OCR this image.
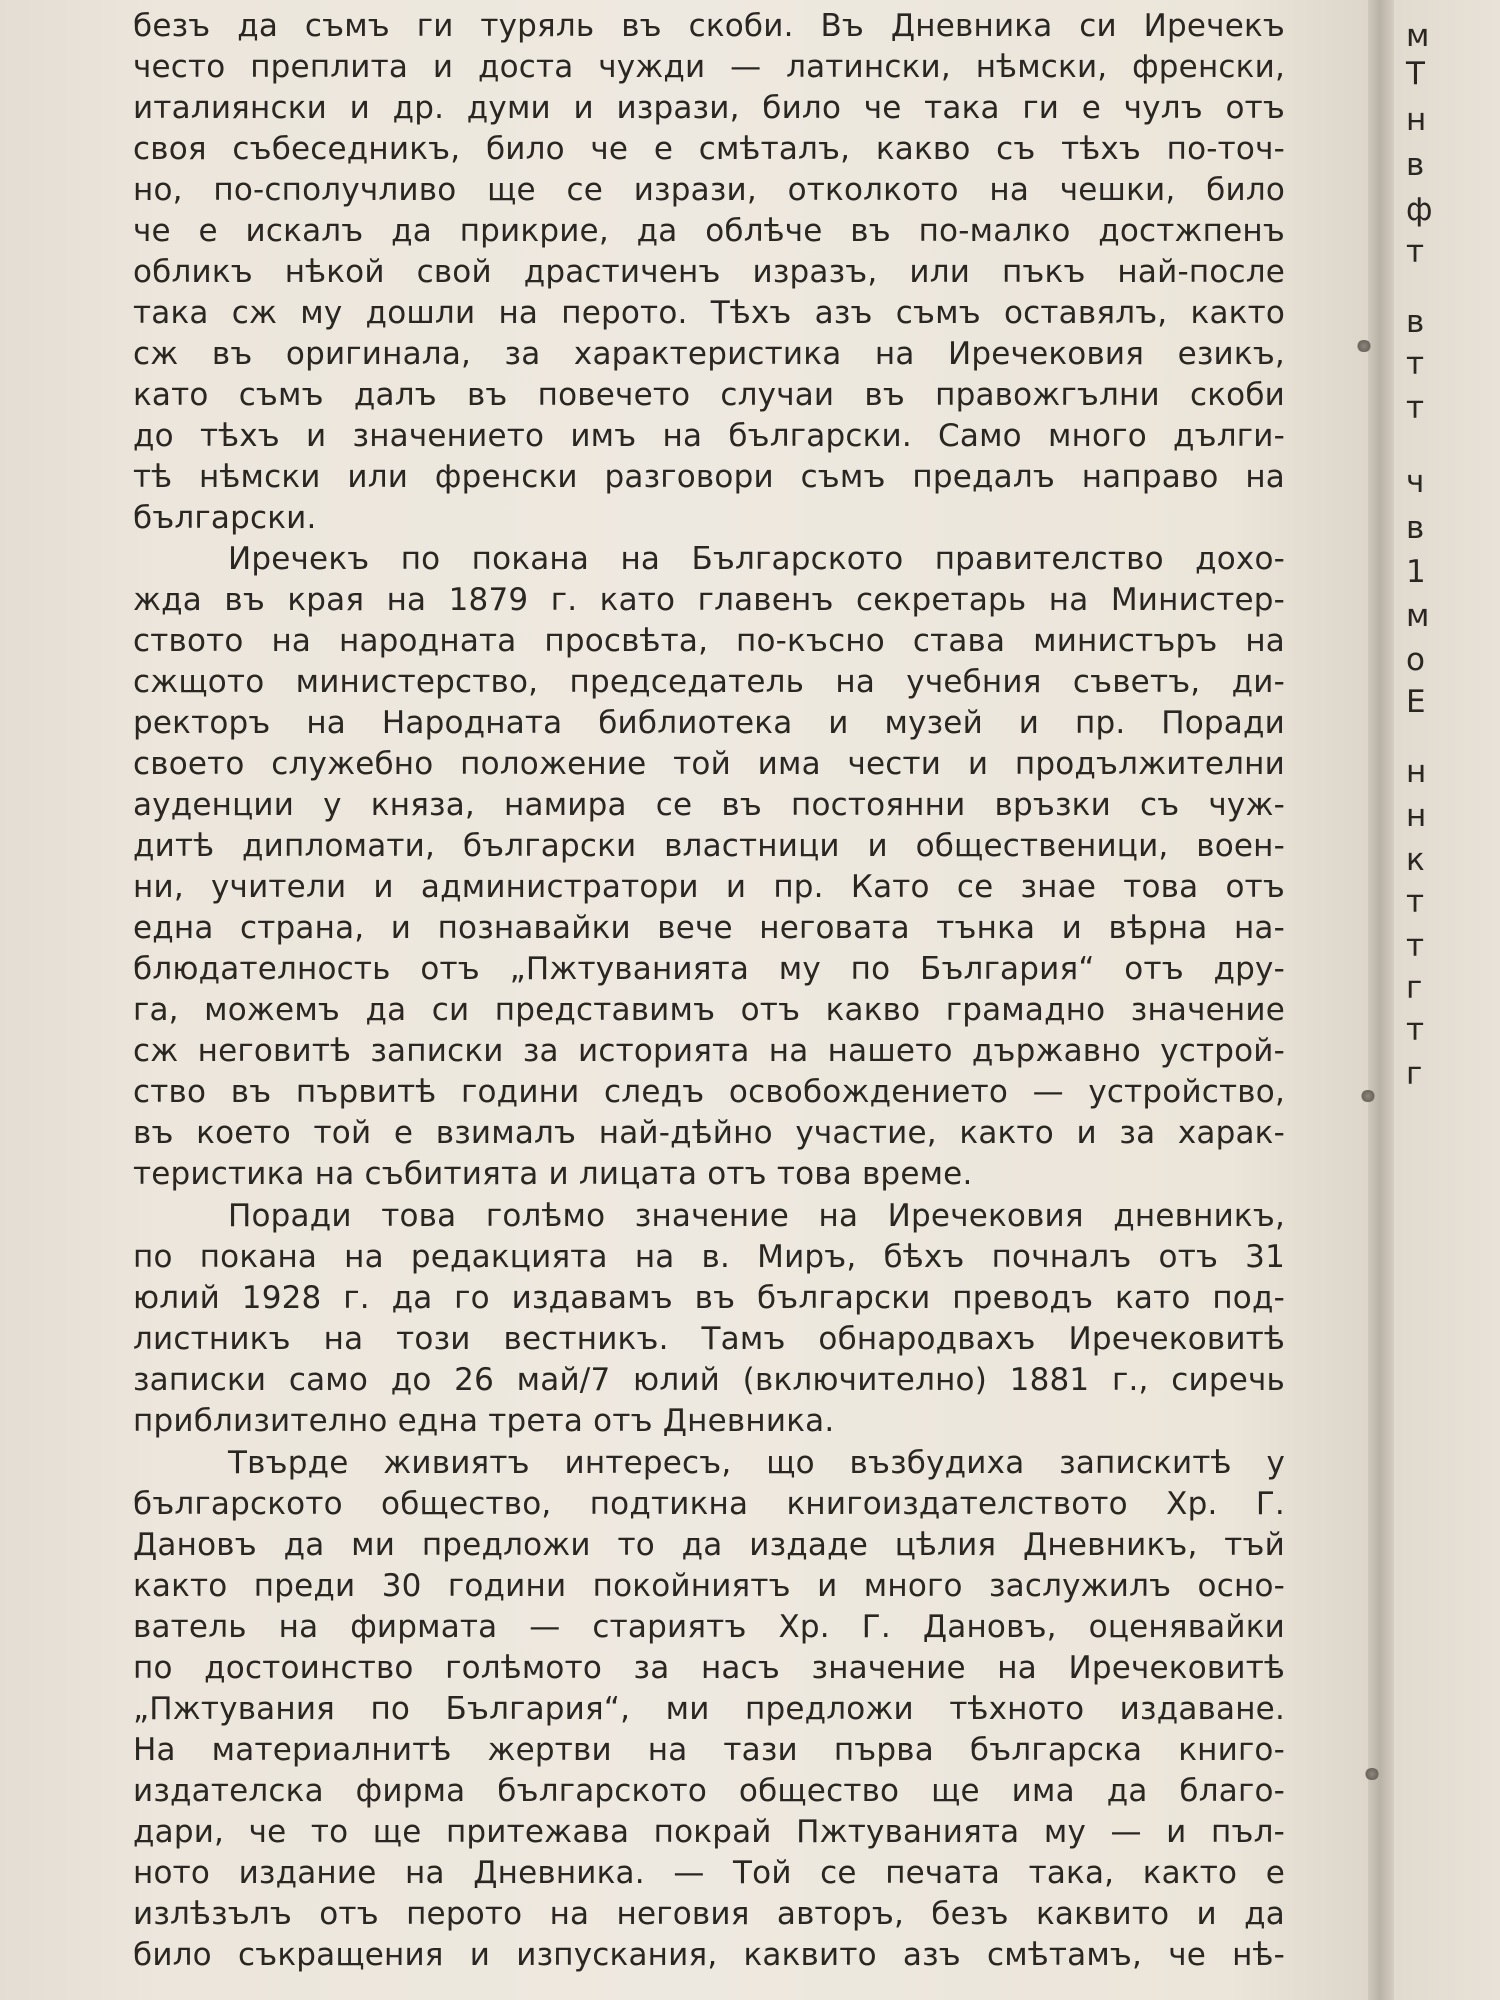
безъ да съмъ ги туряль въ скоби. Въ Дневника си Иречекъ
често преплита и доста чужди — латински, нѣмски, френски,
италиянски и др. думи и изрази, било че така ги е чулъ отъ
своя събеседникъ, било че е смѣталъ, какво съ тѣхъ по-точ-
но, по-сполучливо ще се изрази, отколкото на чешки, било
че е искалъ да прикрие, да облѣче въ по-малко достжпенъ
обликъ нѣкой свой драстиченъ изразъ, или пъкъ най-после
така сж му дошли на перото. Тѣхъ азъ съмъ оставялъ, както
сж въ оригинала, за характеристика на Иречековия езикъ,
като съмъ далъ въ повечето случаи въ правожгълни скоби
до тѣхъ и значението имъ на български. Само много дълги-
тѣ нѣмски или френски разговори съмъ предалъ направо на
български.
Иречекъ по покана на Българското правителство дохо-
жда въ края на 1879 г. като главенъ секретарь на Министер-
ството на народната просвѣта, по-късно става министъръ на
сжщото министерство, председатель на учебния съветъ, ди-
ректоръ на Народната библиотека и музей и пр. Поради
своето служебно положение той има чести и продължителни
ауденции у княза, намира се въ постоянни връзки съ чуж-
дитѣ дипломати, български властници и общественици, воен-
ни, учители и администратори и пр. Като се знае това отъ
една страна, и познавайки вече неговата тънка и вѣрна на-
блюдателность отъ „Пжтуванията му по България“ отъ дру-
га, можемъ да си представимъ отъ какво грамадно значение
сж неговитѣ записки за историята на нашето държавно устрой-
ство въ първитѣ години следъ освобождението — устройство,
въ което той е взималъ най-дѣйно участие, както и за харак-
теристика на събитията и лицата отъ това време.
Поради това голѣмо значение на Иречековия дневникъ,
по покана на редакцията на в. Миръ, бѣхъ почналъ отъ 31
юлий 1928 г. да го издавамъ въ български преводъ като под-
листникъ на този вестникъ. Тамъ обнародвахъ Иречековитѣ
записки само до 26 май/7 юлий (включително) 1881 г., сиречь
приблизително една трета отъ Дневника.
Твърде живиятъ интересъ, що възбудиха запискитѣ у
българското общество, подтикна книгоиздателството Хр. Г.
Дановъ да ми предложи то да издаде цѣлия Дневникъ, тъй
както преди 30 години покойниятъ и много заслужилъ осно-
ватель на фирмата — стариятъ Хр. Г. Дановъ, оценявайки
по достоинство голѣмото за насъ значение на Иречековитѣ
„Пжтувания по България“, ми предложи тѣхното издаване.
На материалнитѣ жертви на тази първа българска книго-
издателска фирма българското общество ще има да благо-
дари, че то ще притежава покрай Пжтуванията му — и пъл-
ното издание на Дневника. — Той се печата така, както е
излѣзълъ отъ перото на неговия авторъ, безъ каквито и да
било съкращения и изпускания, каквито азъ смѣтамъ, че нѣ-
м
Т
н
в
ф
т
в
т
т
ч
в
1
м
о
Е
н
н
к
т
т
г
т
г
